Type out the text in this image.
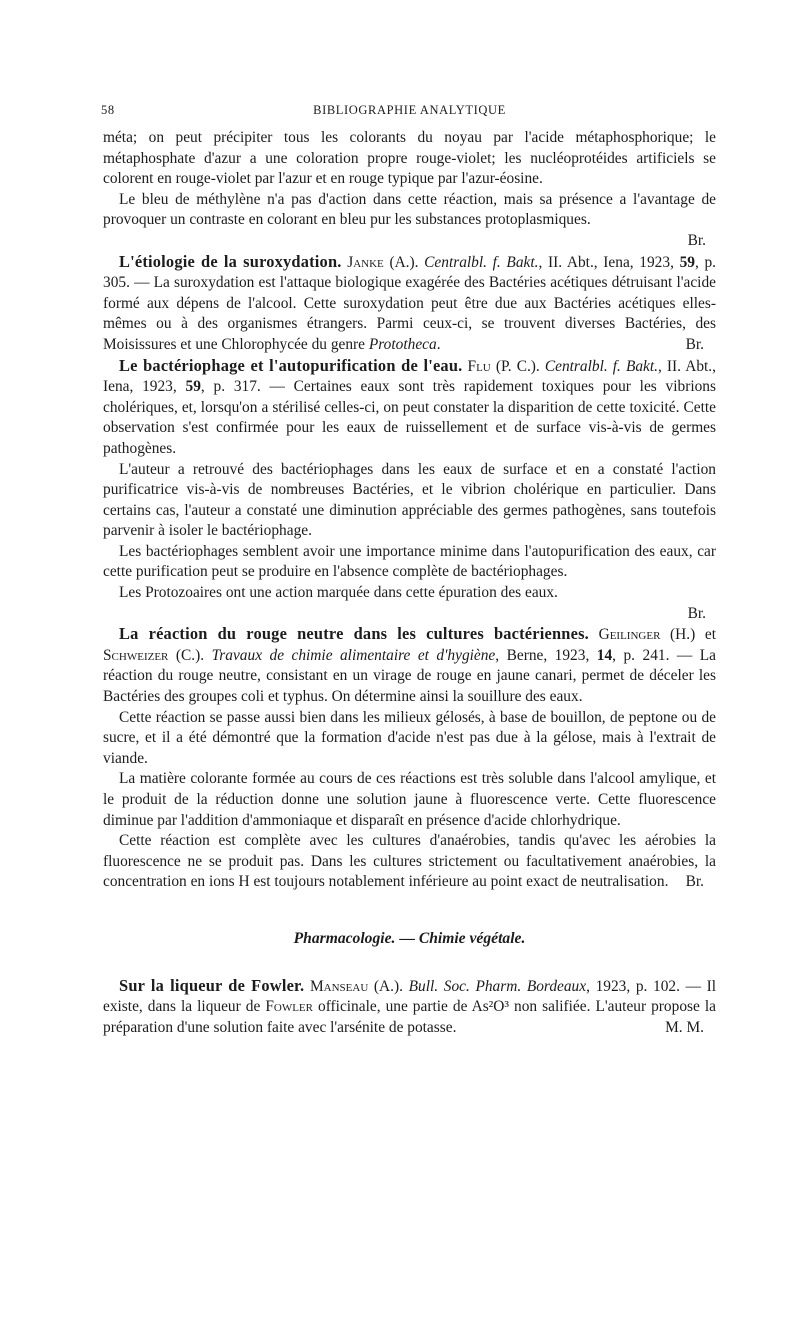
58	BIBLIOGRAPHIE ANALYTIQUE

méta; on peut précipiter tous les colorants du noyau par l'acide métaphosphorique; le métaphosphate d'azur a une coloration propre rouge-violet; les nucléoprotéides artificiels se colorent en rouge-violet par l'azur et en rouge typique par l'azur-éosine.

Le bleu de méthylène n'a pas d'action dans cette réaction, mais sa présence a l'avantage de provoquer un contraste en colorant en bleu pur les substances protoplasmiques.

Br.

L'étiologie de la suroxydation. Janke (A.). Centralbl. f. Bakt., II. Abt., Iena, 1923, 59, p. 305. — La suroxydation est l'attaque biologique exagérée des Bactéries acétiques détruisant l'acide formé aux dépens de l'alcool. Cette suroxydation peut être due aux Bactéries acétiques elles-mêmes ou à des organismes étrangers. Parmi ceux-ci, se trouvent diverses Bactéries, des Moisissures et une Chlorophycée du genre Prototheca.	Br.

Le bactériophage et l'autopurification de l'eau. Flu (P. C.). Centralbl. f. Bakt., II. Abt., Iena, 1923, 59, p. 317. — Certaines eaux sont très rapidement toxiques pour les vibrions cholériques, et, lorsqu'on a stérilisé celles-ci, on peut constater la disparition de cette toxicité. Cette observation s'est confirmée pour les eaux de ruissellement et de surface vis-à-vis de germes pathogènes.

L'auteur a retrouvé des bactériophages dans les eaux de surface et en a constaté l'action purificatrice vis-à-vis de nombreuses Bactéries, et le vibrion cholérique en particulier. Dans certains cas, l'auteur a constaté une diminution appréciable des germes pathogènes, sans toutefois parvenir à isoler le bactériophage.

Les bactériophages semblent avoir une importance minime dans l'autopurification des eaux, car cette purification peut se produire en l'absence complète de bactériophages.

Les Protozoaires ont une action marquée dans cette épuration des eaux.

Br.

La réaction du rouge neutre dans les cultures bactériennes. Geilinger (H.) et Schweizer (C.). Travaux de chimie alimentaire et d'hygiène, Berne, 1923, 14, p. 241. — La réaction du rouge neutre, consistant en un virage de rouge en jaune canari, permet de déceler les Bactéries des groupes coli et typhus. On détermine ainsi la souillure des eaux.

Cette réaction se passe aussi bien dans les milieux gélosés, à base de bouillon, de peptone ou de sucre, et il a été démontré que la formation d'acide n'est pas due à la gélose, mais à l'extrait de viande.

La matière colorante formée au cours de ces réactions est très soluble dans l'alcool amylique, et le produit de la réduction donne une solution jaune à fluorescence verte. Cette fluorescence diminue par l'addition d'ammoniaque et disparaît en présence d'acide chlorhydrique.

Cette réaction est complète avec les cultures d'anaérobies, tandis qu'avec les aérobies la fluorescence ne se produit pas. Dans les cultures strictement ou facultativement anaérobies, la concentration en ions H est toujours notablement inférieure au point exact de neutralisation.	Br.

Pharmacologie. — Chimie végétale.

Sur la liqueur de Fowler. Manseau (A.). Bull. Soc. Pharm. Bordeaux, 1923, p. 102. — Il existe, dans la liqueur de Fowler officinale, une partie de As²O³ non salifiée. L'auteur propose la préparation d'une solution faite avec l'arsénite de potasse.	M. M.
